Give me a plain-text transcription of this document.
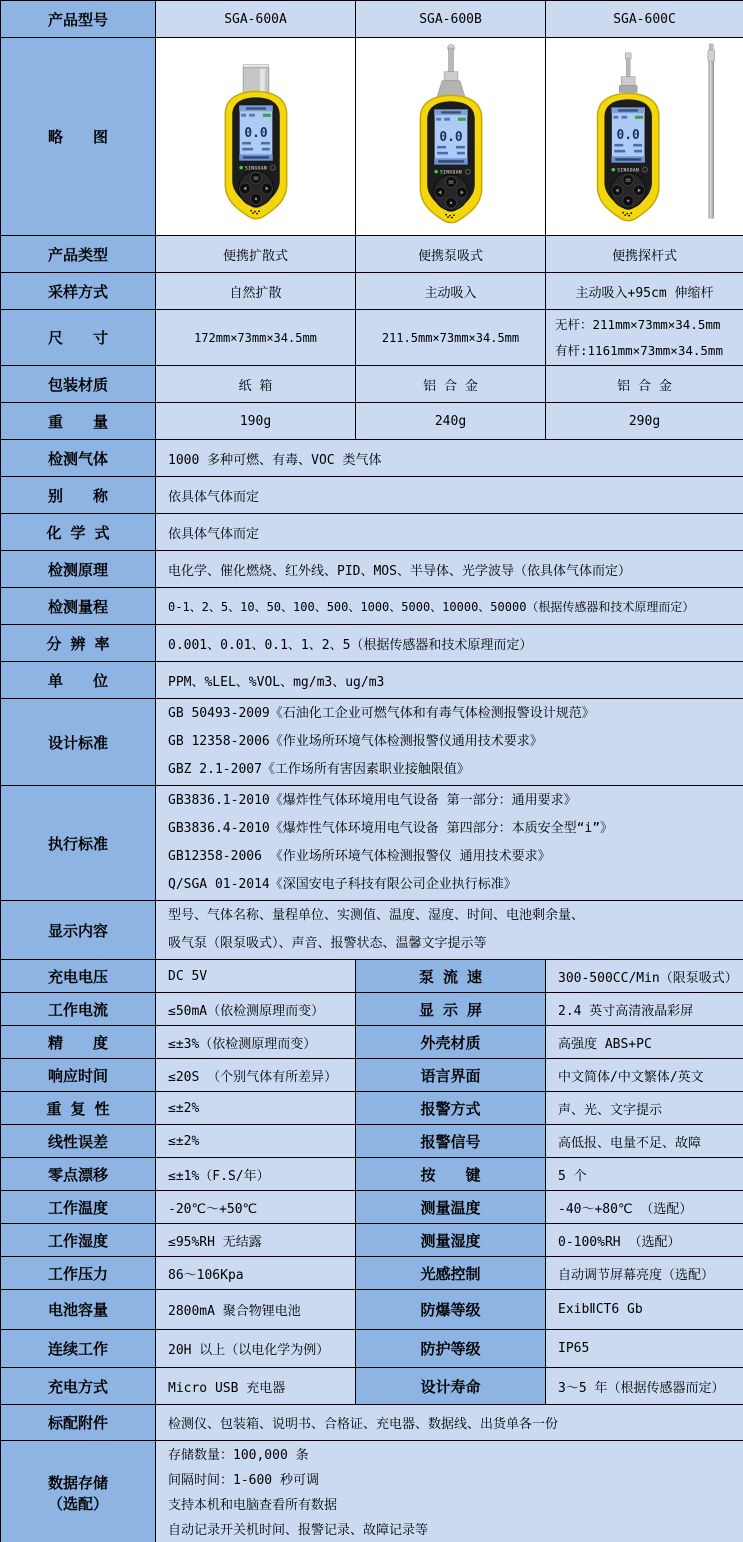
产品型号	SGA-600A	SGA-600B	SGA-600C
略　　图			
产品类型	便携扩散式	便携泵吸式	便携探杆式
采样方式	自然扩散	主动吸入	主动吸入+95cm 伸缩杆
尺　　寸	172mm×73mm×34.5mm	211.5mm×73mm×34.5mm	无杆：211mm×73mm×34.5mm
有杆:1161mm×73mm×34.5mm

包装材质	纸 箱	铝 合 金	铝 合 金
重　　量	190g	240g	290g
检测气体	1000 多种可燃、有毒、VOC 类气体		
别　　称	依具体气体而定		
化 学 式	依具体气体而定		
检测原理	电化学、催化燃烧、红外线、PID、MOS、半导体、光学波导（依具体气体而定）		
检测量程	0-1、2、5、10、50、100、500、1000、5000、10000、50000（根据传感器和技术原理而定）		
分 辨 率	0.001、0.01、0.1、1、2、5（根据传感器和技术原理而定）		
单　　位	PPM、%LEL、%VOL、mg/m3、ug/m3		
设计标准	GB 50493-2009《石油化工企业可燃气体和有毒气体检测报警设计规范》
GB 12358-2006《作业场所环境气体检测报警仪通用技术要求》
GBZ 2.1-2007《工作场所有害因素职业接触限值》		

执行标准	GB3836.1-2010《爆炸性气体环境用电气设备 第一部分：通用要求》
GB3836.4-2010《爆炸性气体环境用电气设备 第四部分：本质安全型“i”》
GB12358-2006 《作业场所环境气体检测报警仪 通用技术要求》
Q/SGA 01-2014《深国安电子科技有限公司企业执行标准》		

显示内容	型号、气体名称、量程单位、实测值、温度、湿度、时间、电池剩余量、
吸气泵（限泵吸式）、声音、报警状态、温馨文字提示等		

充电电压	DC 5V	泵 流 速	300-500CC/Min（限泵吸式）
工作电流	≤50mA（依检测原理而变）	显 示 屏	2.4 英寸高清液晶彩屏
精　　度	≤±3%（依检测原理而变）	外壳材质	高强度 ABS+PC
响应时间	≤20S （个别气体有所差异）	语言界面	中文简体/中文繁体/英文
重 复 性	≤±2%	报警方式	声、光、文字提示
线性误差	≤±2%	报警信号	高低报、电量不足、故障
零点漂移	≤±1%（F.S/年）	按　　键	5 个
工作温度	-20℃～+50℃	测量温度	-40～+80℃ （选配）
工作湿度	≤95%RH 无结露	测量湿度	0-100%RH （选配）
工作压力	86～106Kpa	光感控制	自动调节屏幕亮度（选配）
电池容量	2800mA 聚合物锂电池	防爆等级	ExibⅡCT6 Gb
连续工作	20H 以上（以电化学为例）	防护等级	IP65
充电方式	Micro USB 充电器	设计寿命	3～5 年（根据传感器而定）
标配附件	检测仪、包装箱、说明书、合格证、充电器、数据线、出货单各一份		

数据存储
（选配）

存储数量：100,000 条
间隔时间：1-600 秒可调
支持本机和电脑查看所有数据
自动记录开关机时间、报警记录、故障记录等
